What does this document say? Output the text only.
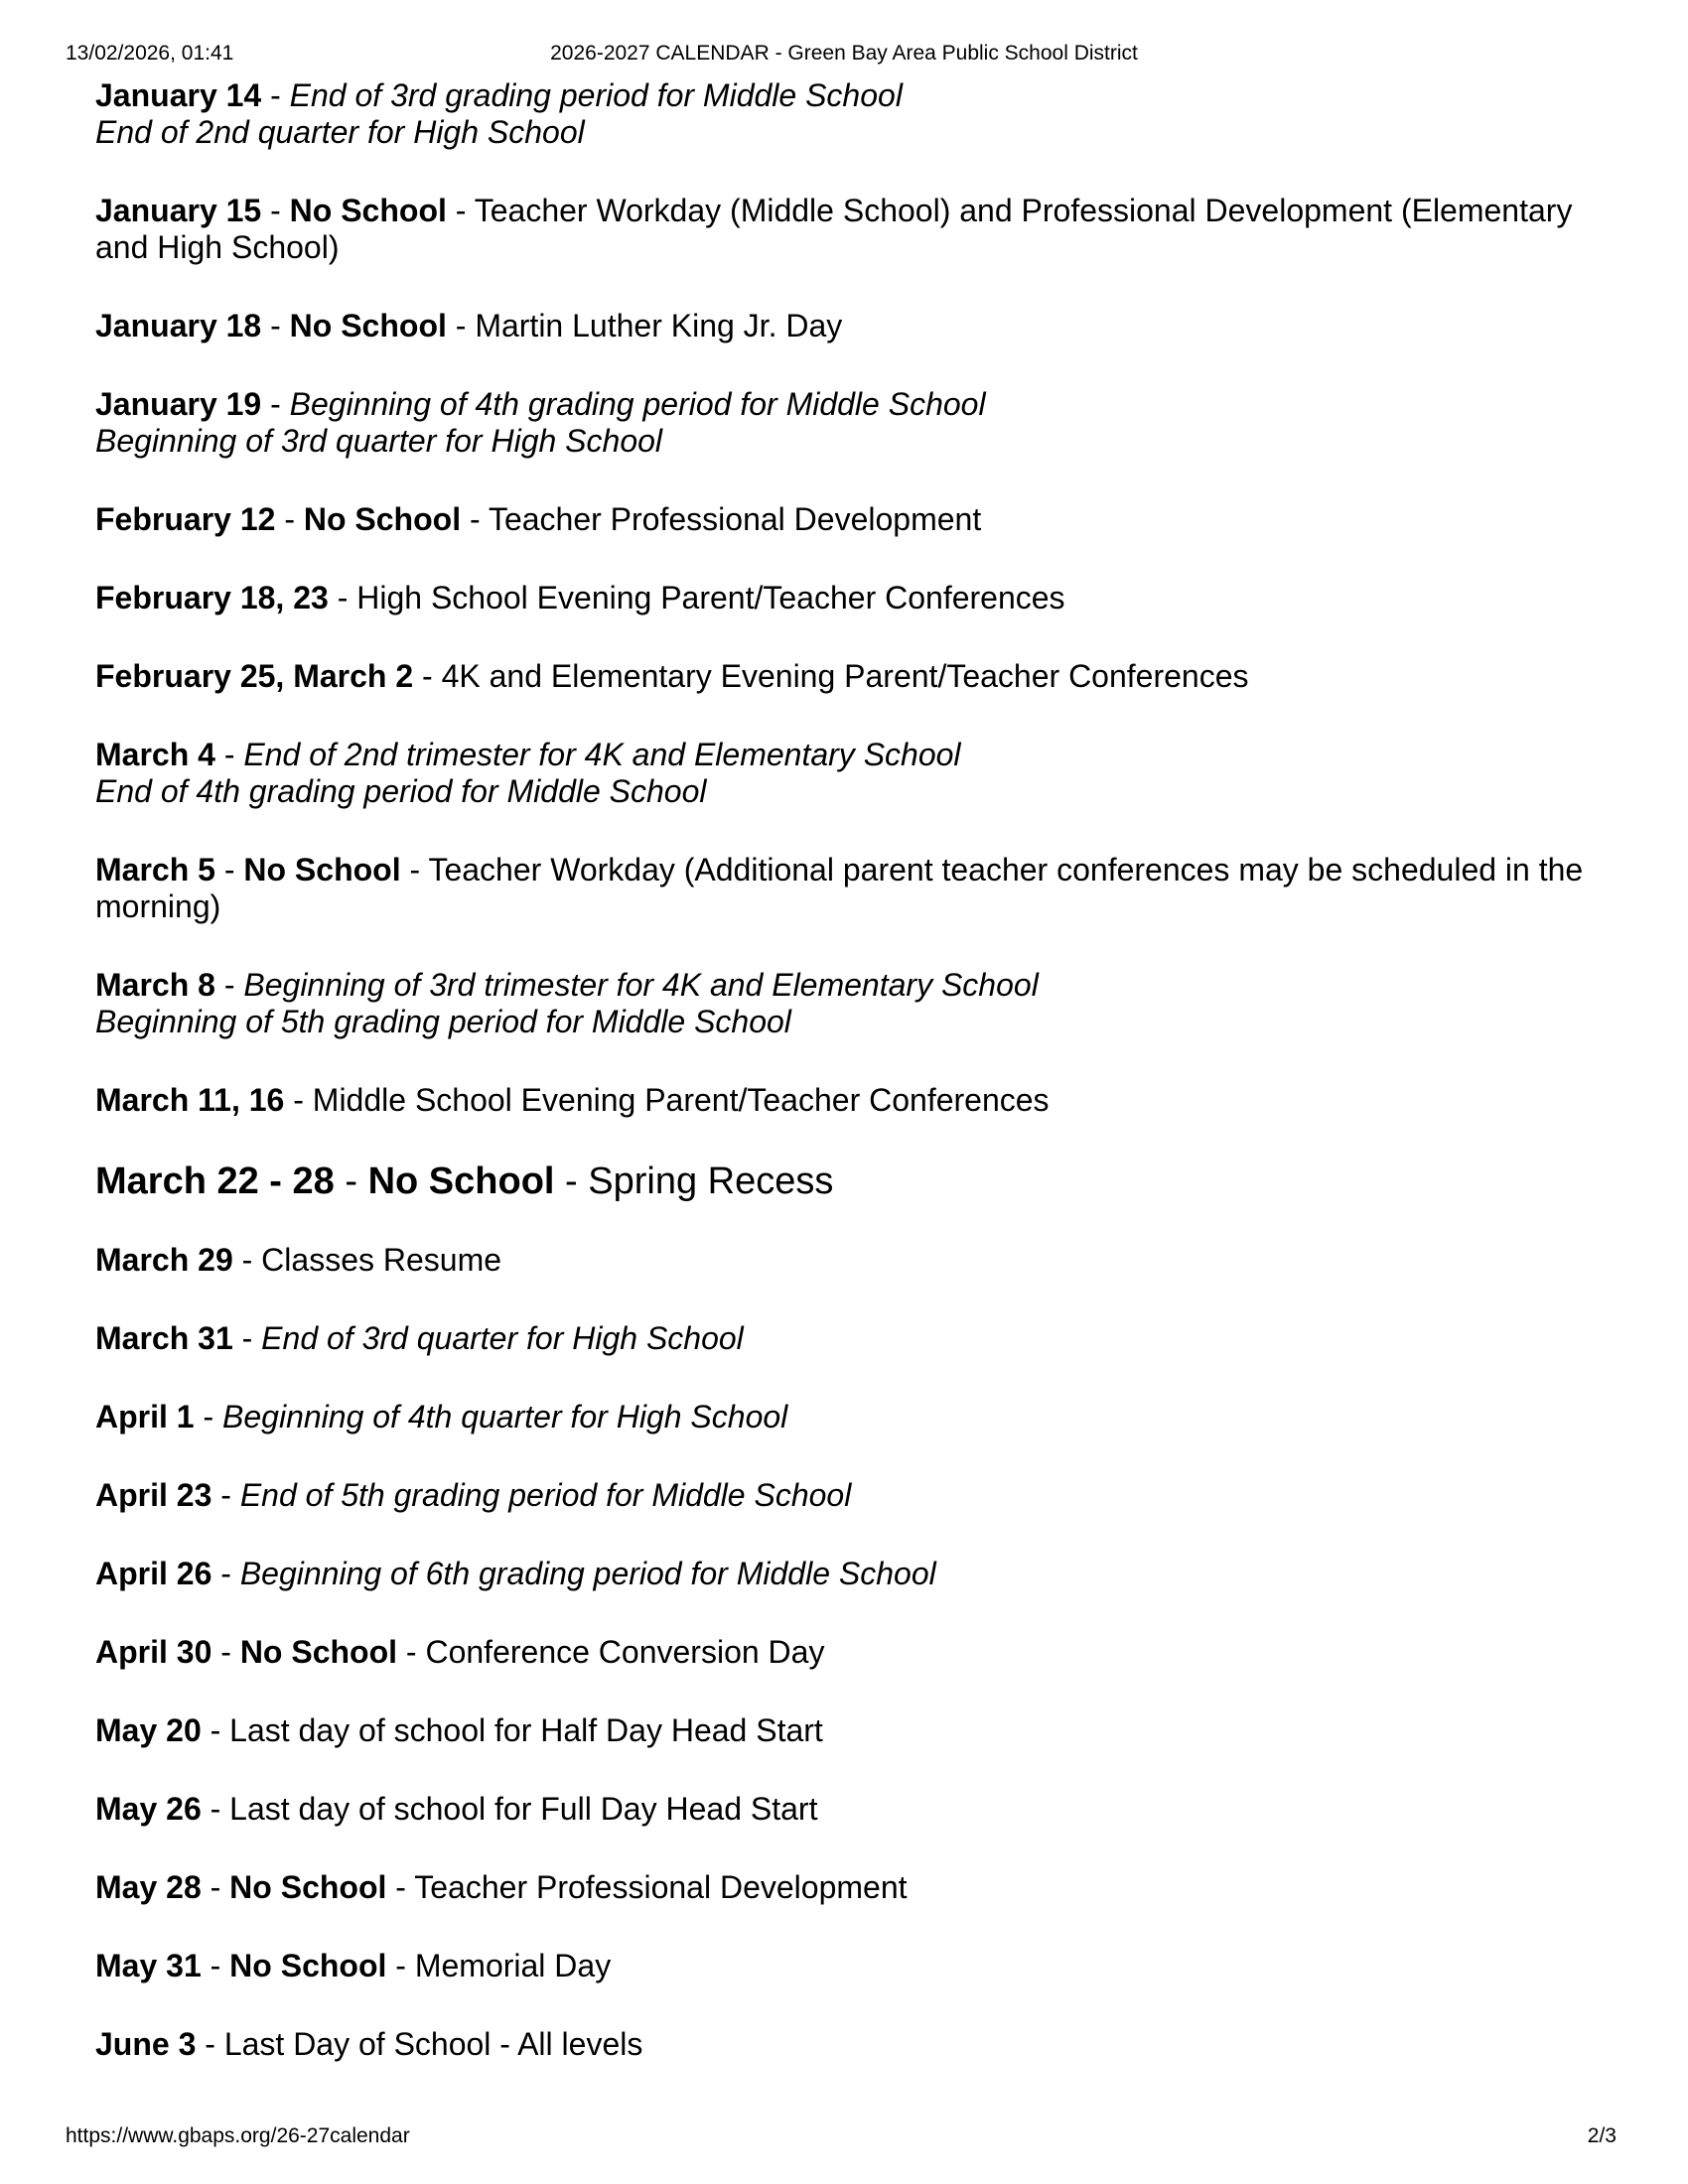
13/02/2026, 01:41	2026-2027 CALENDAR - Green Bay Area Public School District
January 14 - End of 3rd grading period for Middle School
End of 2nd quarter for High School
January 15 - No School - Teacher Workday (Middle School) and Professional Development (Elementary and High School)
January 18 - No School - Martin Luther King Jr. Day
January 19 - Beginning of 4th grading period for Middle School
Beginning of 3rd quarter for High School
February 12 - No School - Teacher Professional Development
February 18, 23 - High School Evening Parent/Teacher Conferences
February 25, March 2 - 4K and Elementary Evening Parent/Teacher Conferences
March 4 - End of 2nd trimester for 4K and Elementary School
End of 4th grading period for Middle School
March 5 - No School - Teacher Workday (Additional parent teacher conferences may be scheduled in the morning)
March 8 - Beginning of 3rd trimester for 4K and Elementary School
Beginning of 5th grading period for Middle School
March 11, 16 - Middle School Evening Parent/Teacher Conferences
March 22 - 28 - No School - Spring Recess
March 29 - Classes Resume
March 31 - End of 3rd quarter for High School
April 1 - Beginning of 4th quarter for High School
April 23 - End of 5th grading period for Middle School
April 26 - Beginning of 6th grading period for Middle School
April 30 - No School - Conference Conversion Day
May 20 - Last day of school for Half Day Head Start
May 26 - Last day of school for Full Day Head Start
May 28 - No School - Teacher Professional Development
May 31 - No School - Memorial Day
June 3 - Last Day of School - All levels
https://www.gbaps.org/26-27calendar	2/3
